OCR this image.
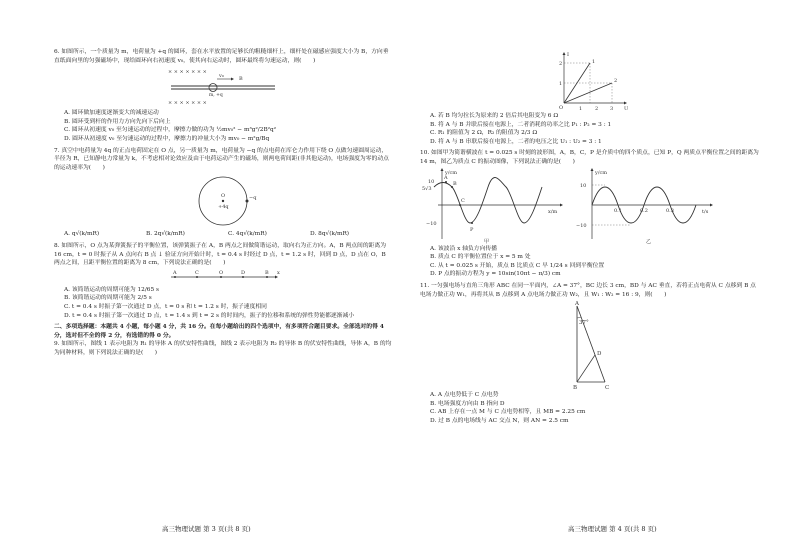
6. 如图所示，一个质量为 m，电荷量为 +q 的圆环，套在水平放置的足够长的粗糙细杆上，细杆处在磁感应强度大小为 B，方向垂直纸面向里的匀强磁场中，现给圆环向右初速度 v₀，使其向右运动时，圆环最终将匀速运动，则(　　)

× × × × × × ×
× × × × × × ×
v₀	B
m, +q

A. 圆环做加速度逐渐变大的减速运动

B. 圆环受到杆的作用力方向先向下后向上

C. 圆环从初速度 v₀ 至匀速运动的过程中，摩擦力做的功为 ½mv₀² − m³g²/2B²q²

D. 圆环从初速度 v₀ 至匀速运动的过程中，摩擦力的冲量大小为 mv₀ − m²g/Bq

7. 真空中电荷量为 4q 的正点电荷固定在 O 点，另一质量为 m，电荷量为 −q 的点电荷在库仑力作用下绕 O 点做匀速圆周运动，半径为 R，已知静电力常量为 k，不考虑相对论效应及由于电荷运动产生的磁场，则两电荷间距(非其他运动)，电场强度为零的动点的运动速率为(　　)

O
+4q
−q
A. q√(k/mR)	B. 2q√(k/mR)	C. 4q√(k/mR)	D. 8q√(k/mR)

8. 如图所示，O 点为某弹簧振子的平衡位置，该弹簧振子在 A，B 两点之间做简谐运动，取向右为正方向。A，B 两点间的距离为 16 cm，t = 0 时振子从 A 点向右 B 点 ↓ 验证方向开始计时，t = 0.4 s 时经过 D 点，t = 1.2 s 时，回到 D 点，D 点在 O，B 两点之间，且距平衡位置的距离为 8 cm，下列说法正确的是(　　)

A	C	O	D	B x

A. 该简谐运动的周期可能为 12/65 s

B. 该简谐运动的周期可能为 2/5 s

C. t = 0.4 s 时振子第一次通过 D 点，t = 0 s 和 t = 1.2 s 时，振子速度相同

D. t = 0.4 s 时振子第一次通过 D 点，t = 1.4 s 到 t = 2 s 的时间内，振子的位移和系统的弹性势能都逐渐减小

二、多项选择题：本题共 4 小题，每小题 4 分，共 16 分。在每小题给出的四个选项中，有多项符合题目要求。全部选对的得 4 分，选对但不全的得 2 分，有选错的得 0 分。

9. 如图所示，图线 1 表示电阻为 R₁ 的导体 A 的伏安特性曲线，图线 2 表示电阻为 R₂ 的导体 B 的伏安特性曲线，导体 A，B 的均为同种材料，则下列说法正确的是(　　)

高三物理试题 第 3 页(共 8 页)
I
U
1
2
O	1	2 3
1
2

A. 若 B 均匀拉长为原来的 2 倍后其电阻变为 6 Ω

B. 将 A 与 B 并联后接在电源上，二者消耗的功率之比 P₁ : P₂ = 3 : 1

C. R₁ 的阻值为 2 Ω，R₂ 的阻值为 2/3 Ω

D. 将 A 与 B 串联后接在电源上，二者的电压之比 U₁ : U₂ = 3 : 1

10. 如图甲为简谐横波在 t = 0.025 s 时刻的波形图，A，B，C，P 是介质中的四个质点，已知 P，Q 两质点平衡位置之间的距离为 14 m，图乙为质点 C 的振动图像，下列说法正确的是(　　)

y/cm
x/m
A
B
C
P
10
5√3
−10
甲
y/cm
t/s
0.1	0.2	0.3
10
−10
乙

A. 该波沿 x 轴负方向传播

B. 质点 C 的平衡位置位于 x = 5 m 处

C. 从 t = 0.025 s 开始，质点 B 比质点 C 早 1/24 s 回到平衡位置

D. P 点的振动方程为 y = 10sin(10πt − π/3) cm

11. 一匀强电场与直角三角形 ABC 在同一平面内，∠A = 37°，BC 边长 3 cm，BD 与 AC 垂直，若将正点电荷从 C 点移到 B 点电场力做正功 W₁，再将其从 B 点移到 A 点电场力做正功 W₂，且 W₁ : W₂ = 16 : 9，则(　　)

A
37°
B	C
D

A. A 点电势低于 C 点电势

B. 电场强度方向由 B 指向 D

C. AB 上存在一点 M 与 C 点电势相等，且 MB = 2.25 cm

D. 过 B 点的电场线与 AC 交点 N，则 AN = 2.5 cm

高三物理试题 第 4 页(共 8 页)
